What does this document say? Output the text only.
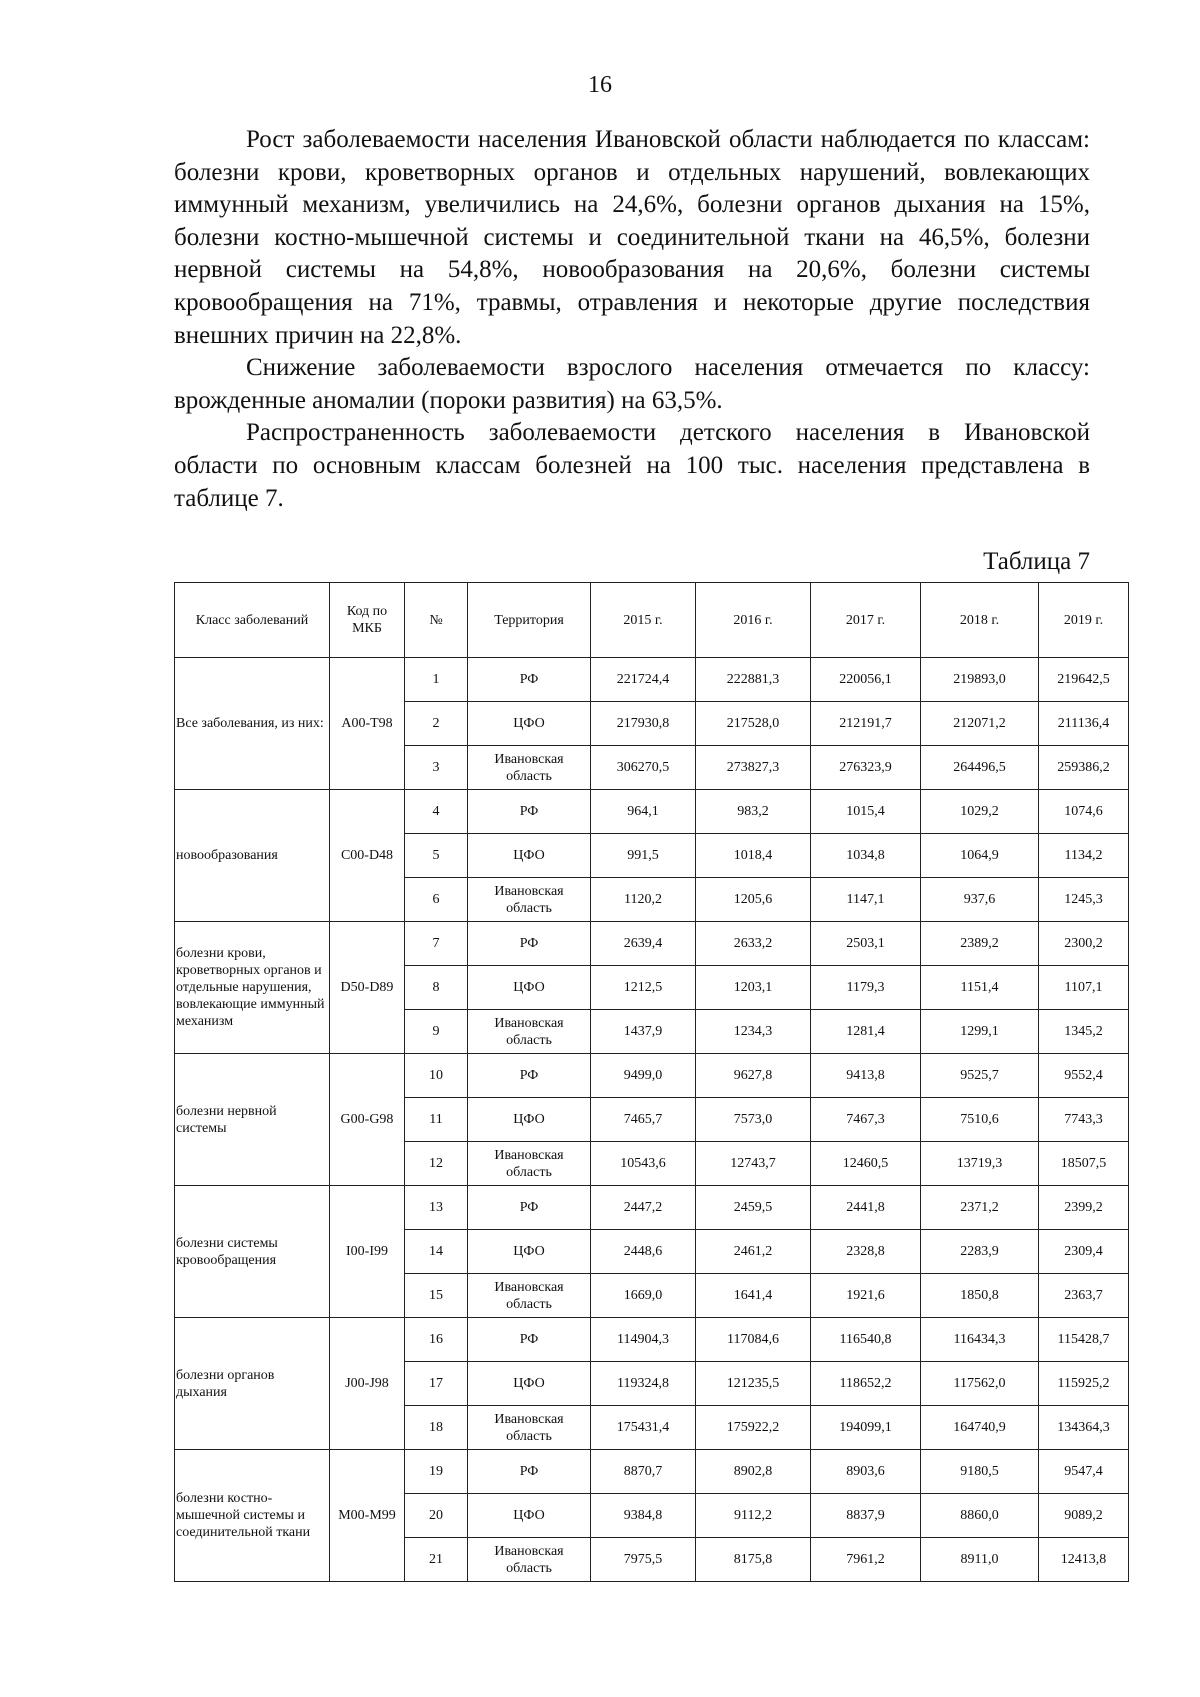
16

Рост заболеваемости населения Ивановской области наблюдается по классам: болезни крови, кроветворных органов и отдельных нарушений, вовлекающих иммунный механизм, увеличились на 24,6%, болезни органов дыхания на 15%, болезни костно-мышечной системы и соединительной ткани на 46,5%, болезни нервной системы на 54,8%, новообразования на 20,6%, болезни системы кровообращения на 71%, травмы, отравления и некоторые другие последствия внешних причин на 22,8%.

Снижение заболеваемости взрослого населения отмечается по классу: врожденные аномалии (пороки развития) на 63,5%.

Распространенность заболеваемости детского населения в Ивановской области по основным классам болезней на 100 тыс. населения представлена в таблице 7.

Таблица 7
Класс заболеваний	Код по МКБ	№	Территория	2015 г.	2016 г.	2017 г.	2018 г.	2019 г.
Все заболевания, из них:	A00-T98	1	РФ	221724,4	222881,3	220056,1	219893,0	219642,5
		2	ЦФО	217930,8	217528,0	212191,7	212071,2	211136,4
		3	Ивановская область	306270,5	273827,3	276323,9	264496,5	259386,2
новообразования	C00-D48	4	РФ	964,1	983,2	1015,4	1029,2	1074,6
		5	ЦФО	991,5	1018,4	1034,8	1064,9	1134,2
		6	Ивановская область	1120,2	1205,6	1147,1	937,6	1245,3
болезни крови, кроветворных органов и отдельные нарушения, вовлекающие иммунный механизм	D50-D89	7	РФ	2639,4	2633,2	2503,1	2389,2	2300,2
		8	ЦФО	1212,5	1203,1	1179,3	1151,4	1107,1
		9	Ивановская область	1437,9	1234,3	1281,4	1299,1	1345,2
болезни нервной системы	G00-G98	10	РФ	9499,0	9627,8	9413,8	9525,7	9552,4
		11	ЦФО	7465,7	7573,0	7467,3	7510,6	7743,3
		12	Ивановская область	10543,6	12743,7	12460,5	13719,3	18507,5
болезни системы кровообращения	I00-I99	13	РФ	2447,2	2459,5	2441,8	2371,2	2399,2
		14	ЦФО	2448,6	2461,2	2328,8	2283,9	2309,4
		15	Ивановская область	1669,0	1641,4	1921,6	1850,8	2363,7
болезни органов дыхания	J00-J98	16	РФ	114904,3	117084,6	116540,8	116434,3	115428,7
		17	ЦФО	119324,8	121235,5	118652,2	117562,0	115925,2
		18	Ивановская область	175431,4	175922,2	194099,1	164740,9	134364,3
болезни костно-мышечной системы и соединительной ткани	M00-M99	19	РФ	8870,7	8902,8	8903,6	9180,5	9547,4
		20	ЦФО	9384,8	9112,2	8837,9	8860,0	9089,2
		21	Ивановская область	7975,5	8175,8	7961,2	8911,0	12413,8
